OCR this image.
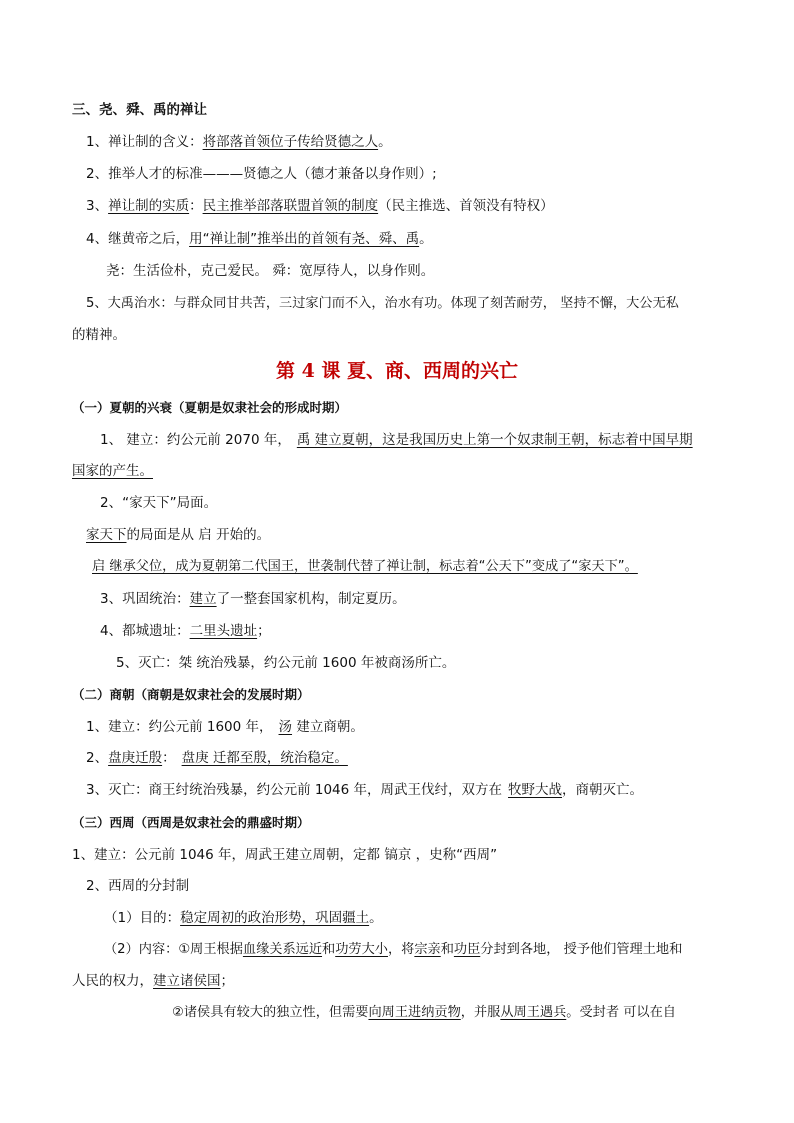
三、尧、舜、禹的禅让
1、禅让制的含义：将部落首领位子传给贤德之人。
2、推举人才的标准———贤德之人（德才兼备以身作则）;
3、禅让制的实质：民主推举部落联盟首领的制度（民主推选、首领没有特权）
4、继黄帝之后，用“禅让制”推举出的首领有尧、舜、禹。
尧：生活俭朴，克己爱民。 舜：宽厚待人，以身作则。
5、大禹治水：与群众同甘共苦，三过家门而不入，治水有功。体现了刻苦耐劳， 坚持不懈，大公无私
的精神。
第 4 课 夏、商、西周的兴亡
（一）夏朝的兴衰（夏朝是奴隶社会的形成时期）
1、 建立：约公元前 2070 年， 禹 建立夏朝，这是我国历史上第一个奴隶制王朝，标志着中国早期
国家的产生。
2、“家天下”局面。
家天下的局面是从 启 开始的。
启 继承父位，成为夏朝第二代国王，世袭制代替了禅让制，标志着“公天下”变成了“家天下”。
3、巩固统治：建立了一整套国家机构，制定夏历。
4、都城遗址：二里头遗址；
5、灭亡：桀 统治残暴，约公元前 1600 年被商汤所亡。
（二）商朝（商朝是奴隶社会的发展时期）
1、建立：约公元前 1600 年， 汤 建立商朝。
2、盘庚迁殷： 盘庚 迁都至殷，统治稳定。
3、灭亡：商王纣统治残暴，约公元前 1046 年，周武王伐纣，双方在 牧野大战，商朝灭亡。
（三）西周（西周是奴隶社会的鼎盛时期）
1、建立：公元前 1046 年，周武王建立周朝，定都 镐京 ，史称“西周”
2、西周的分封制
（1）目的：稳定周初的政治形势，巩固疆土。
（2）内容：①周王根据血缘关系远近和功劳大小，将宗亲和功臣分封到各地， 授予他们管理土地和
人民的权力，建立诸侯国；
②诸侯具有较大的独立性，但需要向周王进纳贡物，并服从周王遇兵。受封者 可以在自
